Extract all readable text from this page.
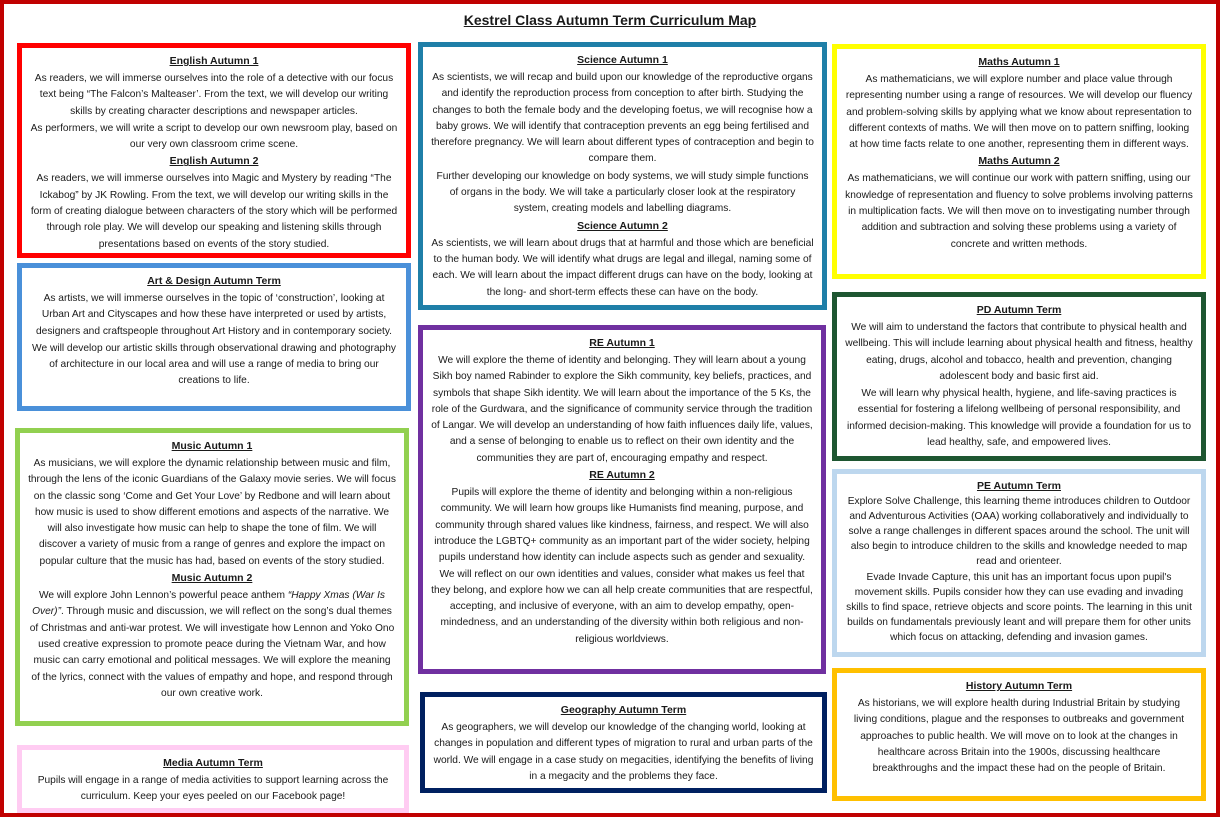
Kestrel Class Autumn Term Curriculum Map
English Autumn 1

As readers, we will immerse ourselves into the role of a detective with our focus text being “The Falcon’s Malteaser’. From the text, we will develop our writing skills by creating character descriptions and newspaper articles.

As performers, we will write a script to develop our own newsroom play, based on our very own classroom crime scene.

English Autumn 2

As readers, we will immerse ourselves into Magic and Mystery by reading “The Ickabog” by JK Rowling. From the text, we will develop our writing skills in the form of creating dialogue between characters of the story which will be performed through role play. We will develop our speaking and listening skills through presentations based on events of the story studied.

Art & Design Autumn Term

As artists, we will immerse ourselves in the topic of ‘construction’, looking at Urban Art and Cityscapes and how these have interpreted or used by artists, designers and craftspeople throughout Art History and in contemporary society.

We will develop our artistic skills through observational drawing and photography of architecture in our local area and will use a range of media to bring our creations to life.

Music Autumn 1

As musicians, we will explore the dynamic relationship between music and film, through the lens of the iconic Guardians of the Galaxy movie series. We will focus on the classic song ‘Come and Get Your Love’ by Redbone and will learn about how music is used to show different emotions and aspects of the narrative. We will also investigate how music can help to shape the tone of film. We will discover a variety of music from a range of genres and explore the impact on popular culture that the music has had, based on events of the story studied.

Music Autumn 2

We will explore John Lennon’s powerful peace anthem “Happy Xmas (War Is Over)”. Through music and discussion, we will reflect on the song’s dual themes of Christmas and anti-war protest. We will investigate how Lennon and Yoko Ono used creative expression to promote peace during the Vietnam War, and how music can carry emotional and political messages. We will explore the meaning of the lyrics, connect with the values of empathy and hope, and respond through our own creative work.

Media Autumn Term

Pupils will engage in a range of media activities to support learning across the curriculum. Keep your eyes peeled on our Facebook page!

Science Autumn 1

As scientists, we will recap and build upon our knowledge of the reproductive organs and identify the reproduction process from conception to after birth. Studying the changes to both the female body and the developing foetus, we will recognise how a baby grows. We will identify that contraception prevents an egg being fertilised and therefore pregnancy. We will learn about different types of contraception and begin to compare them.

Further developing our knowledge on body systems, we will study simple functions of organs in the body. We will take a particularly closer look at the respiratory system, creating models and labelling diagrams.

Science Autumn 2

As scientists, we will learn about drugs that at harmful and those which are beneficial to the human body. We will identify what drugs are legal and illegal, naming some of each. We will learn about the impact different drugs can have on the body, looking at the long- and short-term effects these can have on the body.

RE Autumn 1

We will explore the theme of identity and belonging. They will learn about a young Sikh boy named Rabinder to explore the Sikh community, key beliefs, practices, and symbols that shape Sikh identity. We will learn about the importance of the 5 Ks, the role of the Gurdwara, and the significance of community service through the tradition of Langar. We will develop an understanding of how faith influences daily life, values, and a sense of belonging to enable us to reflect on their own identity and the communities they are part of, encouraging empathy and respect.

RE Autumn 2

Pupils will explore the theme of identity and belonging within a non-religious community. We will learn how groups like Humanists find meaning, purpose, and community through shared values like kindness, fairness, and respect. We will also introduce the LGBTQ+ community as an important part of the wider society, helping pupils understand how identity can include aspects such as gender and sexuality. We will reflect on our own identities and values, consider what makes us feel that they belong, and explore how we can all help create communities that are respectful, accepting, and inclusive of everyone, with an aim to develop empathy, open-mindedness, and an understanding of the diversity within both religious and non-religious worldviews.

Geography Autumn Term

As geographers, we will develop our knowledge of the changing world, looking at changes in population and different types of migration to rural and urban parts of the world. We will engage in a case study on megacities, identifying the benefits of living in a megacity and the problems they face.

Maths Autumn 1

As mathematicians, we will explore number and place value through representing number using a range of resources. We will develop our fluency and problem-solving skills by applying what we know about representation to different contexts of maths. We will then move on to pattern sniffing, looking at how time facts relate to one another, representing them in different ways.

Maths Autumn 2

As mathematicians, we will continue our work with pattern sniffing, using our knowledge of representation and fluency to solve problems involving patterns in multiplication facts. We will then move on to investigating number through addition and subtraction and solving these problems using a variety of concrete and written methods.

PD Autumn Term

We will aim to understand the factors that contribute to physical health and wellbeing. This will include learning about physical health and fitness, healthy eating, drugs, alcohol and tobacco, health and prevention, changing adolescent body and basic first aid.

We will learn why physical health, hygiene, and life-saving practices is essential for fostering a lifelong wellbeing of personal responsibility, and informed decision-making. This knowledge will provide a foundation for us to lead healthy, safe, and empowered lives.

PE Autumn Term

Explore Solve Challenge, this learning theme introduces children to Outdoor and Adventurous Activities (OAA) working collaboratively and individually to solve a range challenges in different spaces around the school. The unit will also begin to introduce children to the skills and knowledge needed to map read and orienteer.

Evade Invade Capture, this unit has an important focus upon pupil's movement skills. Pupils consider how they can use evading and invading skills to find space, retrieve objects and score points. The learning in this unit builds on fundamentals previously leant and will prepare them for other units which focus on attacking, defending and invasion games.

History Autumn Term

As historians, we will explore health during Industrial Britain by studying living conditions, plague and the responses to outbreaks and government approaches to public health. We will move on to look at the changes in healthcare across Britain into the 1900s, discussing healthcare breakthroughs and the impact these had on the people of Britain.
